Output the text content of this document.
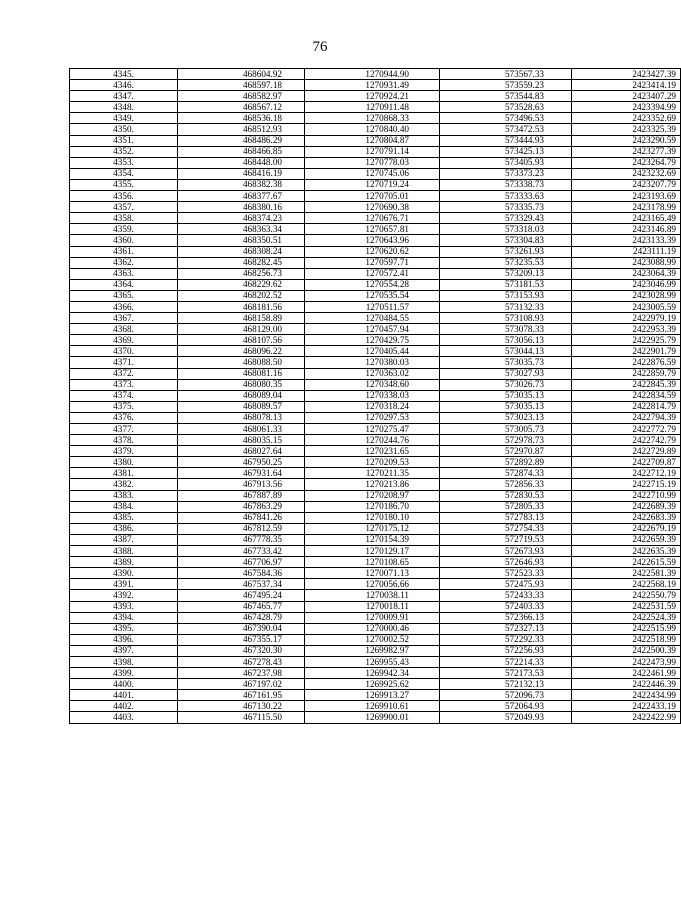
76
4345.	468604.92	1270944.90	573567.33	2423427.39
4346.	468597.18	1270931.49	573559.23	2423414.19
4347.	468582.97	1270924.21	573544.83	2423407.29
4348.	468567.12	1270911.48	573528.63	2423394.99
4349.	468536.18	1270868.33	573496.53	2423352.69
4350.	468512.93	1270840.40	573472.53	2423325.39
4351.	468486.29	1270804.87	573444.93	2423290.59
4352.	468466.85	1270791.14	573425.13	2423277.39
4353.	468448.00	1270778.03	573405.93	2423264.79
4354.	468416.19	1270745.06	573373.23	2423232.69
4355.	468382.38	1270719.24	573338.73	2423207.79
4356.	468377.67	1270705.01	573333.63	2423193.69
4357.	468380.16	1270690.38	573335.73	2423178.99
4358.	468374.23	1270676.71	573329.43	2423165.49
4359.	468363.34	1270657.81	573318.03	2423146.89
4360.	468350.51	1270643.96	573304.83	2423133.39
4361.	468308.24	1270620.62	573261.93	2423111.19
4362.	468282.45	1270597.71	573235.53	2423088.99
4363.	468256.73	1270572.41	573209.13	2423064.39
4364.	468229.62	1270554.28	573181.53	2423046.99
4365.	468202.52	1270535.54	573153.93	2423028.99
4366.	468181.56	1270511.57	573132.33	2423005.59
4367.	468158.89	1270484.55	573108.93	2422979.19
4368.	468129.00	1270457.94	573078.33	2422953.39
4369.	468107.56	1270429.75	573056.13	2422925.79
4370.	468096.22	1270405.44	573044.13	2422901.79
4371.	468088.50	1270380.03	573035.73	2422876.59
4372.	468081.16	1270363.02	573027.93	2422859.79
4373.	468080.35	1270348.60	573026.73	2422845.39
4374.	468089.04	1270338.03	573035.13	2422834.59
4375.	468089.57	1270318.24	573035.13	2422814.79
4376.	468078.13	1270297.53	573023.13	2422794.39
4377.	468061.33	1270275.47	573005.73	2422772.79
4378.	468035.15	1270244.76	572978.73	2422742.79
4379.	468027.64	1270231.65	572970.87	2422729.89
4380.	467950.25	1270209.53	572892.89	2422709.87
4381.	467931.64	1270211.35	572874.33	2422712.19
4382.	467913.56	1270213.86	572856.33	2422715.19
4383.	467887.89	1270208.97	572830.53	2422710.99
4384.	467863.29	1270186.70	572805.33	2422689.39
4385.	467841.26	1270180.10	572783.13	2422683.39
4386.	467812.59	1270175.12	572754.33	2422679.19
4387.	467778.35	1270154.39	572719.53	2422659.39
4388.	467733.42	1270129.17	572673.93	2422635.39
4389.	467706.97	1270108.65	572646.93	2422615.59
4390.	467584.36	1270071.13	572523.33	2422581.39
4391.	467537.34	1270056.66	572475.93	2422568.19
4392.	467495.24	1270038.11	572433.33	2422550.79
4393.	467465.77	1270018.11	572403.33	2422531.59
4394.	467428.79	1270009.91	572366.13	2422524.39
4395.	467390.04	1270000.46	572327.13	2422515.99
4396.	467355.17	1270002.52	572292.33	2422518.99
4397.	467320.30	1269982.97	572256.93	2422500.39
4398.	467278.43	1269955.43	572214.33	2422473.99
4399.	467237.98	1269942.34	572173.53	2422461.99
4400.	467197.02	1269925.62	572132.13	2422446.39
4401.	467161.95	1269913.27	572096.73	2422434.99
4402.	467130.22	1269910.61	572064.93	2422433.19
4403.	467115.50	1269900.01	572049.93	2422422.99
